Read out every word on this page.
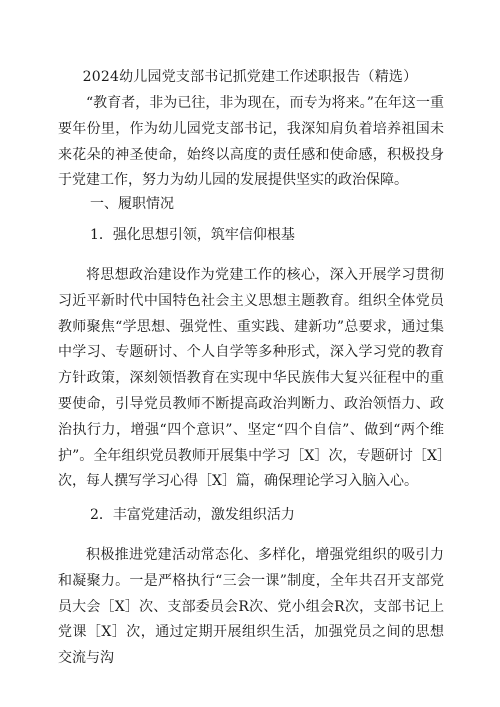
2024幼儿园党支部书记抓党建工作述职报告（精选）

“教育者，非为已往，非为现在，而专为将来。”在年这一重要年份里，作为幼儿园党支部书记，我深知肩负着培养祖国未来花朵的神圣使命，始终以高度的责任感和使命感，积极投身于党建工作，努力为幼儿园的发展提供坚实的政治保障。

一、履职情况

1．强化思想引领，筑牢信仰根基

将思想政治建设作为党建工作的核心，深入开展学习贯彻习近平新时代中国特色社会主义思想主题教育。组织全体党员教师聚焦“学思想、强党性、重实践、建新功”总要求，通过集中学习、专题研讨、个人自学等多种形式，深入学习党的教育方针政策，深刻领悟教育在实现中华民族伟大复兴征程中的重要使命，引导党员教师不断提高政治判断力、政治领悟力、政治执行力，增强“四个意识”、坚定“四个自信”、做到“两个维护”。全年组织党员教师开展集中学习［X］次，专题研讨［X］次，每人撰写学习心得［X］篇，确保理论学习入脑入心。

2．丰富党建活动，激发组织活力

积极推进党建活动常态化、多样化，增强党组织的吸引力和凝聚力。一是严格执行“三会一课”制度，全年共召开支部党员大会［X］次、支部委员会R次、党小组会R次，支部书记上党课［X］次，通过定期开展组织生活，加强党员之间的思想交流与沟
